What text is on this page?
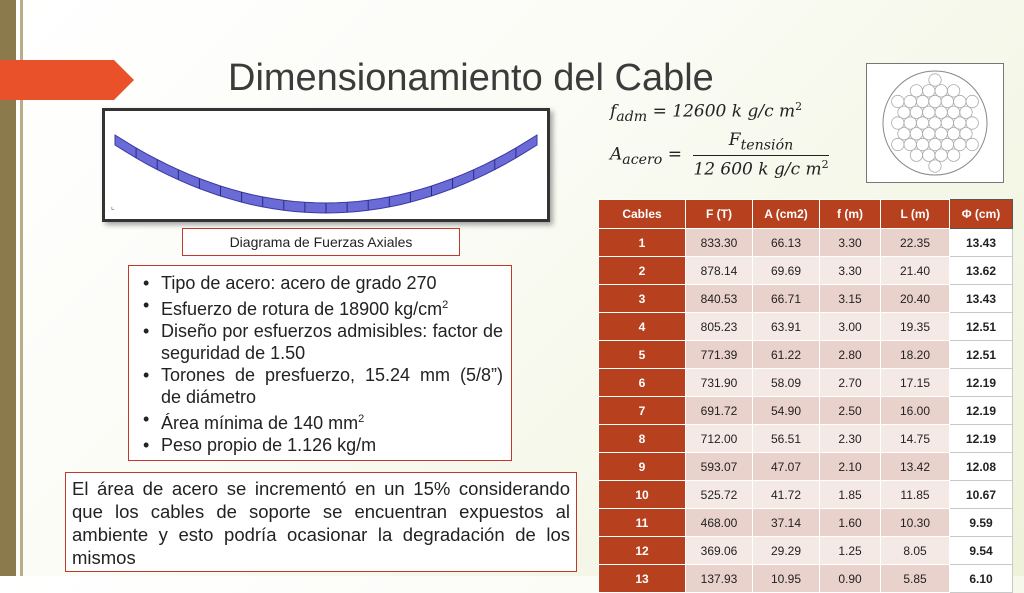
Dimensionamiento del Cable
⌞
Diagrama de Fuerzas Axiales
• Tipo de acero: acero de grado 270
• Esfuerzo de rotura de 18900 $kg/cm^2$
• Diseño por esfuerzos admisibles: factor de seguridad de 1.50
• Torones de presfuerzo, 15.24 mm (5/8”) de diámetro
• Área mínima de 140 $mm^2$
• Peso propio de 1.126 kg/m
El área de acero se incrementó en un 15% considerando que los cables de soporte se encuentran expuestos al ambiente y esto podría ocasionar la degradación de los mismos
$f_{adm} = 12600$ k g/c $m^2$
$A_{acero} = \frac{F_{tensión}}{12 600 k g/c m^2}$
Cables	F (T)	A (cm2)	f (m)	L (m)	Φ (cm)
1	833.30	66.13	3.30	22.35	13.43
2	878.14	69.69	3.30	21.40	13.62
3	840.53	66.71	3.15	20.40	13.43
4	805.23	63.91	3.00	19.35	12.51
5	771.39	61.22	2.80	18.20	12.51
6	731.90	58.09	2.70	17.15	12.19
7	691.72	54.90	2.50	16.00	12.19
8	712.00	56.51	2.30	14.75	12.19
9	593.07	47.07	2.10	13.42	12.08
10	525.72	41.72	1.85	11.85	10.67
11	468.00	37.14	1.60	10.30	9.59
12	369.06	29.29	1.25	8.05	9.54
13	137.93	10.95	0.90	5.85	6.10
